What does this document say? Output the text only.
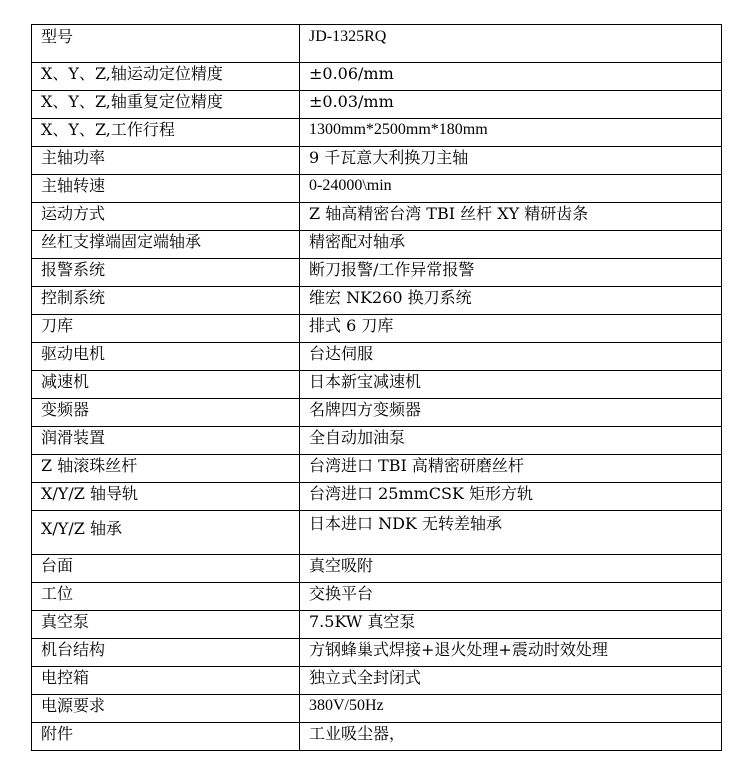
型号	JD-1325RQ
X、Y、Z,轴运动定位精度	±0.06/mm
X、Y、Z,轴重复定位精度	±0.03/mm
X、Y、Z,工作行程	1300mm*2500mm*180mm
主轴功率	9 千瓦意大利换刀主轴
主轴转速	0-24000\min
运动方式	Z 轴高精密台湾 TBI 丝杆 XY 精研齿条
丝杠支撑端固定端轴承	精密配对轴承
报警系统	断刀报警/工作异常报警
控制系统	维宏 NK260 换刀系统
刀库	排式 6 刀库
驱动电机	台达伺服
减速机	日本新宝减速机
变频器	名牌四方变频器
润滑装置	全自动加油泵
Z 轴滚珠丝杆	台湾进口 TBI 高精密研磨丝杆
X/Y/Z 轴导轨	台湾进口 25mmCSK 矩形方轨
X/Y/Z 轴承	日本进口 NDK 无转差轴承
台面	真空吸附
工位	交换平台
真空泵	7.5KW 真空泵
机台结构	方钢蜂巢式焊接+退火处理+震动时效处理
电控箱	独立式全封闭式
电源要求	380V/50Hz
附件	工业吸尘器，
